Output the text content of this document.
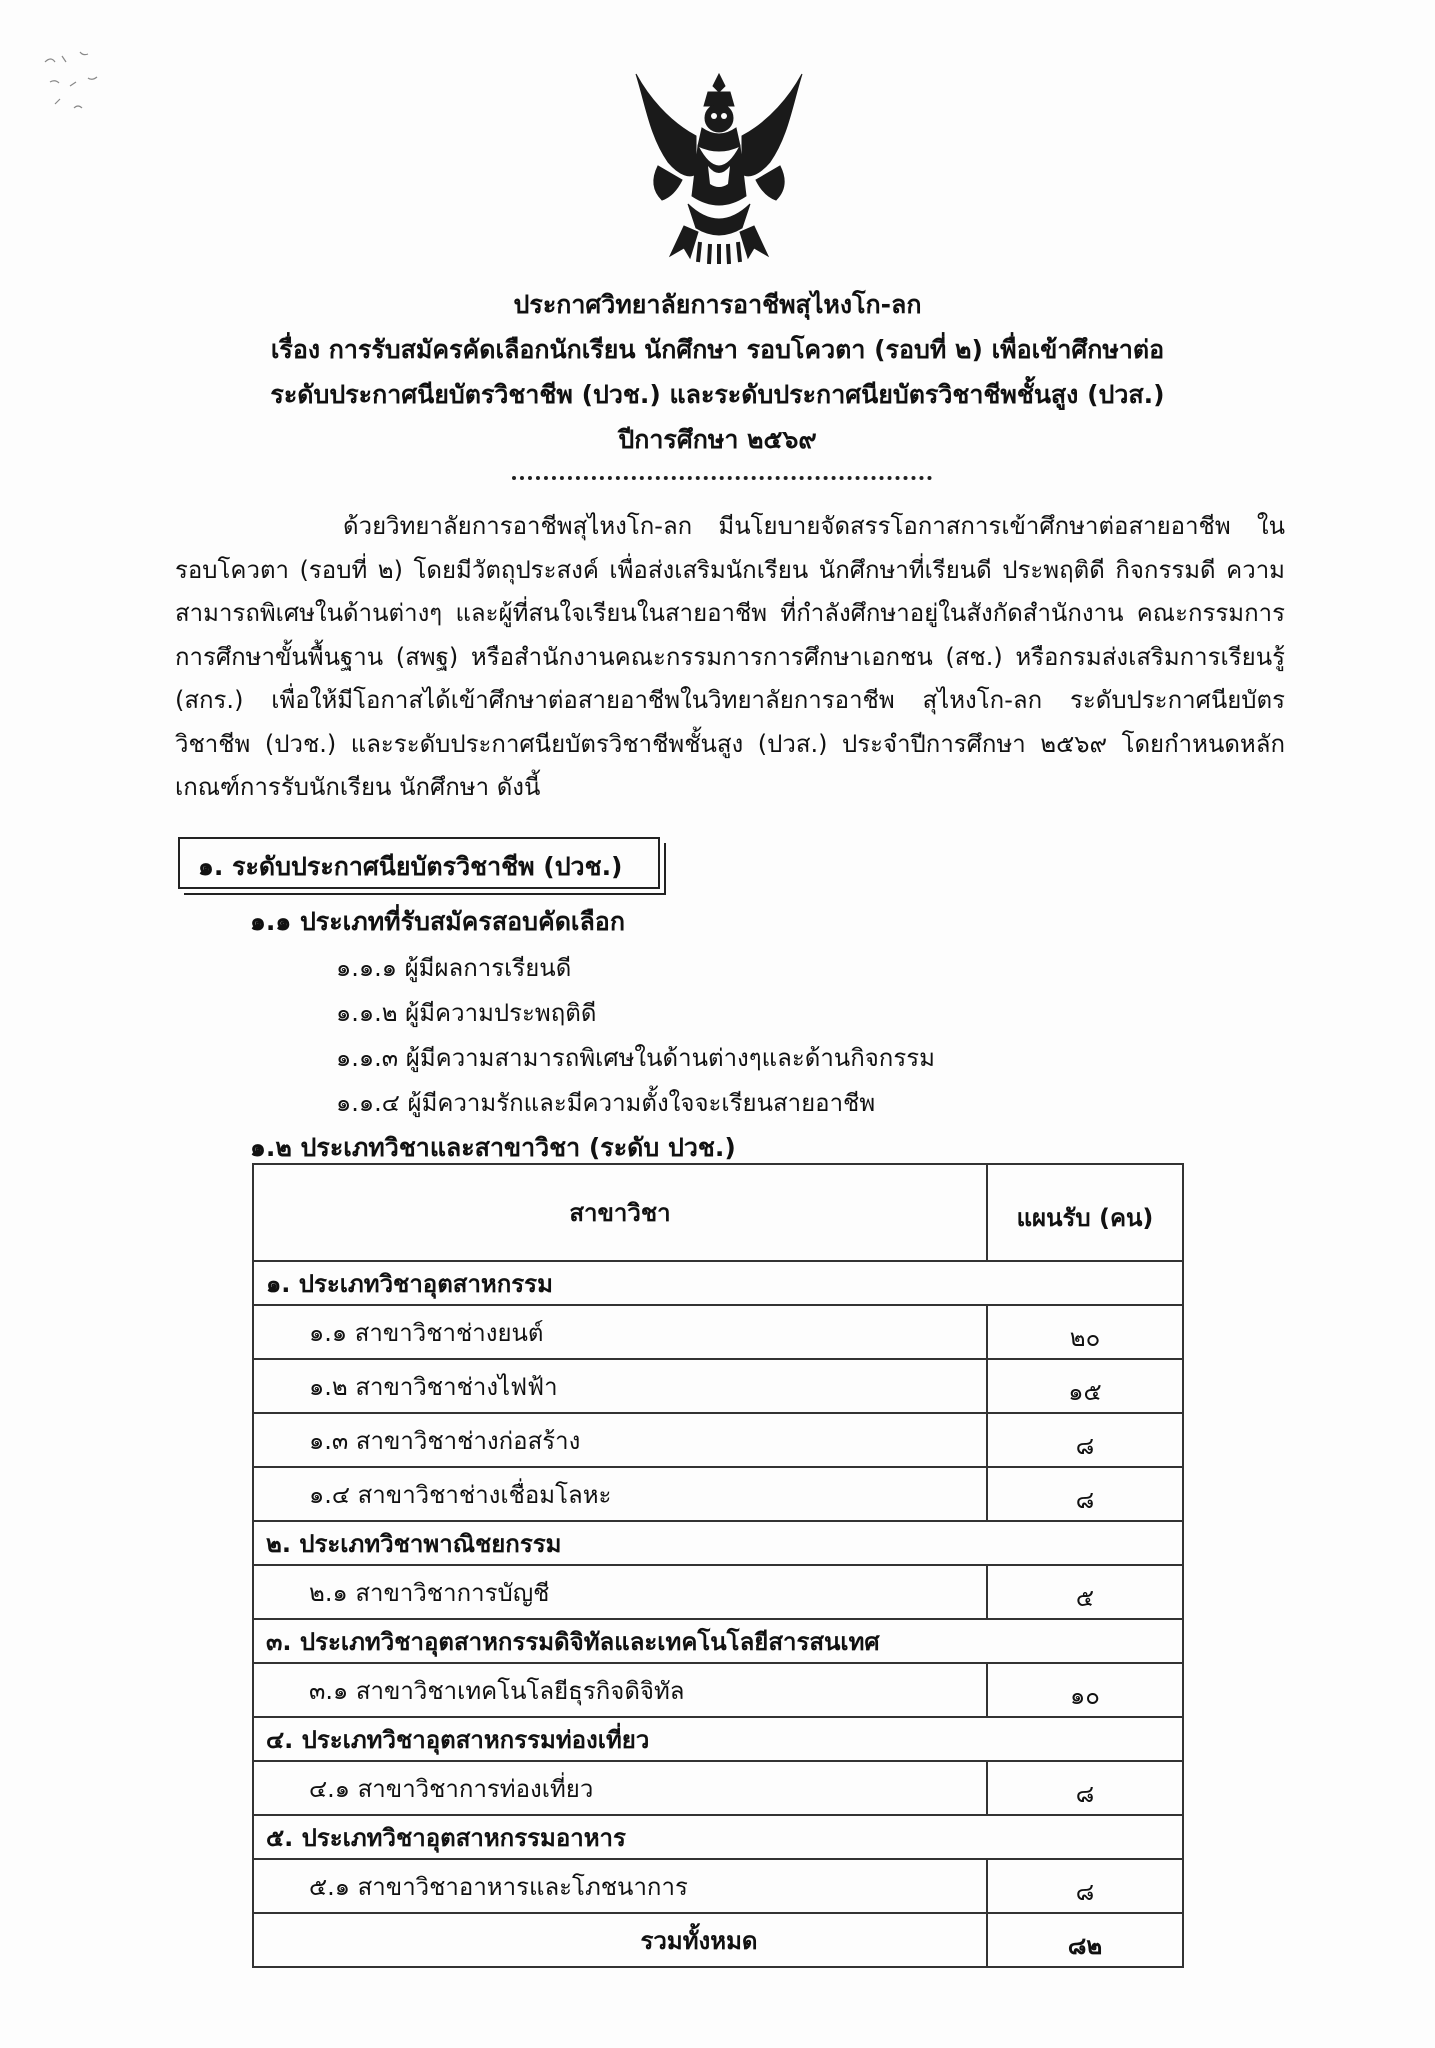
ประกาศวิทยาลัยการอาชีพสุไหงโก-ลก
เรื่อง การรับสมัครคัดเลือกนักเรียน นักศึกษา รอบโควตา (รอบที่ ๒) เพื่อเข้าศึกษาต่อ
ระดับประกาศนียบัตรวิชาชีพ (ปวช.) และระดับประกาศนียบัตรวิชาชีพชั้นสูง (ปวส.)
ปีการศึกษา ๒๕๖๙
ด้วยวิทยาลัยการอาชีพสุไหงโก-ลก มีนโยบายจัดสรรโอกาสการเข้าศึกษาต่อสายอาชีพ ในรอบโควตา (รอบที่ ๒) โดยมีวัตถุประสงค์ เพื่อส่งเสริมนักเรียน นักศึกษาที่เรียนดี ประพฤติดี กิจกรรมดี ความสามารถพิเศษในด้านต่างๆ และผู้ที่สนใจเรียนในสายอาชีพ ที่กำลังศึกษาอยู่ในสังกัดสำนักงาน คณะกรรมการการศึกษาขั้นพื้นฐาน (สพฐ) หรือสำนักงานคณะกรรมการการศึกษาเอกชน (สช.) หรือกรมส่งเสริมการเรียนรู้ (สกร.) เพื่อให้มีโอกาสได้เข้าศึกษาต่อสายอาชีพในวิทยาลัยการอาชีพ สุไหงโก-ลก ระดับประกาศนียบัตรวิชาชีพ (ปวช.) และระดับประกาศนียบัตรวิชาชีพชั้นสูง (ปวส.) ประจำปีการศึกษา ๒๕๖๙ โดยกำหนดหลักเกณฑ์การรับนักเรียน นักศึกษา ดังนี้
๑. ระดับประกาศนียบัตรวิชาชีพ (ปวช.)
๑.๑ ประเภทที่รับสมัครสอบคัดเลือก
๑.๑.๑ ผู้มีผลการเรียนดี
๑.๑.๒ ผู้มีความประพฤติดี
๑.๑.๓ ผู้มีความสามารถพิเศษในด้านต่างๆและด้านกิจกรรม
๑.๑.๔ ผู้มีความรักและมีความตั้งใจจะเรียนสายอาชีพ
๑.๒ ประเภทวิชาและสาขาวิชา (ระดับ ปวช.)
สาขาวิชา	แผนรับ (คน)
๑. ประเภทวิชาอุตสาหกรรม	
๑.๑ สาขาวิชาช่างยนต์	๒๐
๑.๒ สาขาวิชาช่างไฟฟ้า	๑๕
๑.๓ สาขาวิชาช่างก่อสร้าง	๘
๑.๔ สาขาวิชาช่างเชื่อมโลหะ	๘
๒. ประเภทวิชาพาณิชยกรรม	
๒.๑ สาขาวิชาการบัญชี	๕
๓. ประเภทวิชาอุตสาหกรรมดิจิทัลและเทคโนโลยีสารสนเทศ	
๓.๑ สาขาวิชาเทคโนโลยีธุรกิจดิจิทัล	๑๐
๔. ประเภทวิชาอุตสาหกรรมท่องเที่ยว	
๔.๑ สาขาวิชาการท่องเที่ยว	๘
๕. ประเภทวิชาอุตสาหกรรมอาหาร	
๕.๑ สาขาวิชาอาหารและโภชนาการ	๘
รวมทั้งหมด	๘๒
